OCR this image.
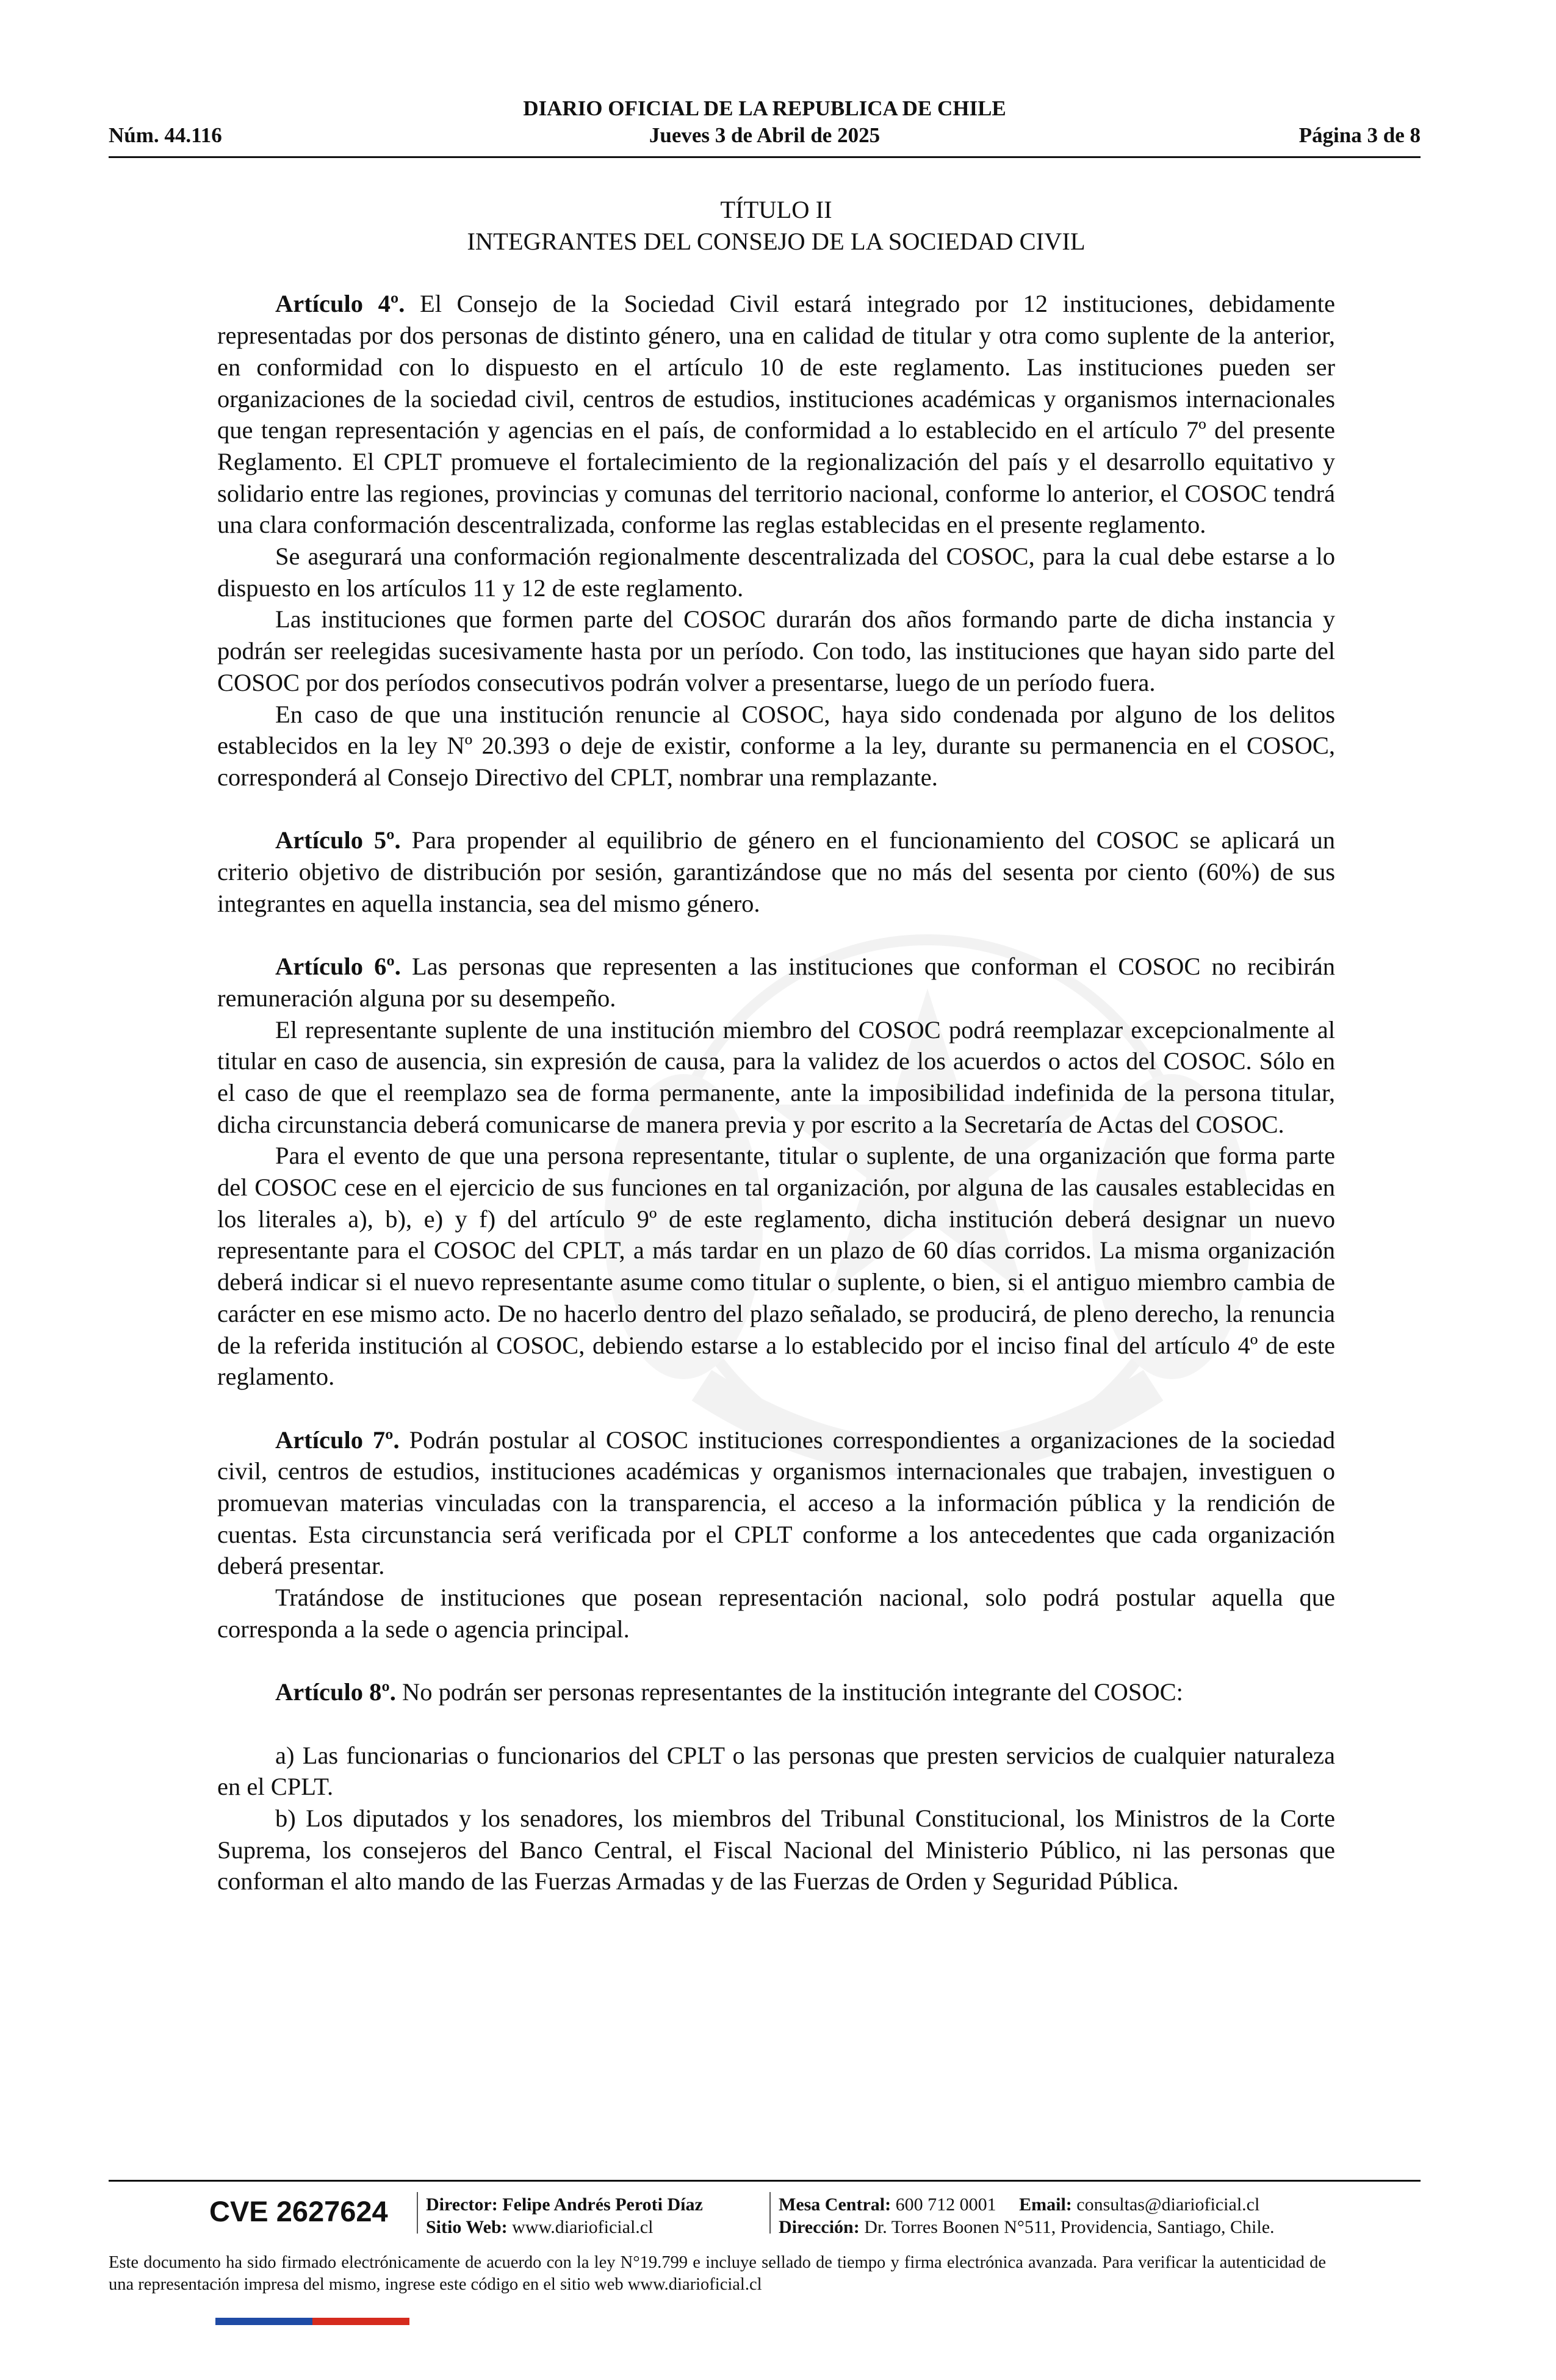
DIARIO OFICIAL DE LA REPUBLICA DE CHILE
Núm. 44.116	Jueves 3 de Abril de 2025	Página 3 de 8
TÍTULO II
INTEGRANTES DEL CONSEJO DE LA SOCIEDAD CIVIL

Artículo 4º. El Consejo de la Sociedad Civil estará integrado por 12 instituciones, debidamente representadas por dos personas de distinto género, una en calidad de titular y otra como suplente de la anterior, en conformidad con lo dispuesto en el artículo 10 de este reglamento. Las instituciones pueden ser organizaciones de la sociedad civil, centros de estudios, instituciones académicas y organismos internacionales que tengan representación y agencias en el país, de conformidad a lo establecido en el artículo 7º del presente Reglamento. El CPLT promueve el fortalecimiento de la regionalización del país y el desarrollo equitativo y solidario entre las regiones, provincias y comunas del territorio nacional, conforme lo anterior, el COSOC tendrá una clara conformación descentralizada, conforme las reglas establecidas en el presente reglamento.

Se asegurará una conformación regionalmente descentralizada del COSOC, para la cual debe estarse a lo dispuesto en los artículos 11 y 12 de este reglamento.

Las instituciones que formen parte del COSOC durarán dos años formando parte de dicha instancia y podrán ser reelegidas sucesivamente hasta por un período. Con todo, las instituciones que hayan sido parte del COSOC por dos períodos consecutivos podrán volver a presentarse, luego de un período fuera.

En caso de que una institución renuncie al COSOC, haya sido condenada por alguno de los delitos establecidos en la ley Nº 20.393 o deje de existir, conforme a la ley, durante su permanencia en el COSOC, corresponderá al Consejo Directivo del CPLT, nombrar una remplazante.

Artículo 5º. Para propender al equilibrio de género en el funcionamiento del COSOC se aplicará un criterio objetivo de distribución por sesión, garantizándose que no más del sesenta por ciento (60%) de sus integrantes en aquella instancia, sea del mismo género.

Artículo 6º. Las personas que representen a las instituciones que conforman el COSOC no recibirán remuneración alguna por su desempeño.

El representante suplente de una institución miembro del COSOC podrá reemplazar excepcionalmente al titular en caso de ausencia, sin expresión de causa, para la validez de los acuerdos o actos del COSOC. Sólo en el caso de que el reemplazo sea de forma permanente, ante la imposibilidad indefinida de la persona titular, dicha circunstancia deberá comunicarse de manera previa y por escrito a la Secretaría de Actas del COSOC.

Para el evento de que una persona representante, titular o suplente, de una organización que forma parte del COSOC cese en el ejercicio de sus funciones en tal organización, por alguna de las causales establecidas en los literales a), b), e) y f) del artículo 9º de este reglamento, dicha institución deberá designar un nuevo representante para el COSOC del CPLT, a más tardar en un plazo de 60 días corridos. La misma organización deberá indicar si el nuevo representante asume como titular o suplente, o bien, si el antiguo miembro cambia de carácter en ese mismo acto. De no hacerlo dentro del plazo señalado, se producirá, de pleno derecho, la renuncia de la referida institución al COSOC, debiendo estarse a lo establecido por el inciso final del artículo 4º de este reglamento.

Artículo 7º. Podrán postular al COSOC instituciones correspondientes a organizaciones de la sociedad civil, centros de estudios, instituciones académicas y organismos internacionales que trabajen, investiguen o promuevan materias vinculadas con la transparencia, el acceso a la información pública y la rendición de cuentas. Esta circunstancia será verificada por el CPLT conforme a los antecedentes que cada organización deberá presentar.

Tratándose de instituciones que posean representación nacional, solo podrá postular aquella que corresponda a la sede o agencia principal.

Artículo 8º. No podrán ser personas representantes de la institución integrante del COSOC:

a) Las funcionarias o funcionarios del CPLT o las personas que presten servicios de cualquier naturaleza en el CPLT.

b) Los diputados y los senadores, los miembros del Tribunal Constitucional, los Ministros de la Corte Suprema, los consejeros del Banco Central, el Fiscal Nacional del Ministerio Público, ni las personas que conforman el alto mando de las Fuerzas Armadas y de las Fuerzas de Orden y Seguridad Pública.

CVE 2627624 Director: Felipe Andrés Peroti Díaz
Sitio Web: www.diarioficial.cl
Mesa Central: 600 712 0001 Email: consultas@diarioficial.cl
Dirección: Dr. Torres Boonen N°511, Providencia, Santiago, Chile.
Este documento ha sido firmado electrónicamente de acuerdo con la ley N°19.799 e incluye sellado de tiempo y firma electrónica avanzada. Para verificar la autenticidad de una representación impresa del mismo, ingrese este código en el sitio web www.diarioficial.cl
